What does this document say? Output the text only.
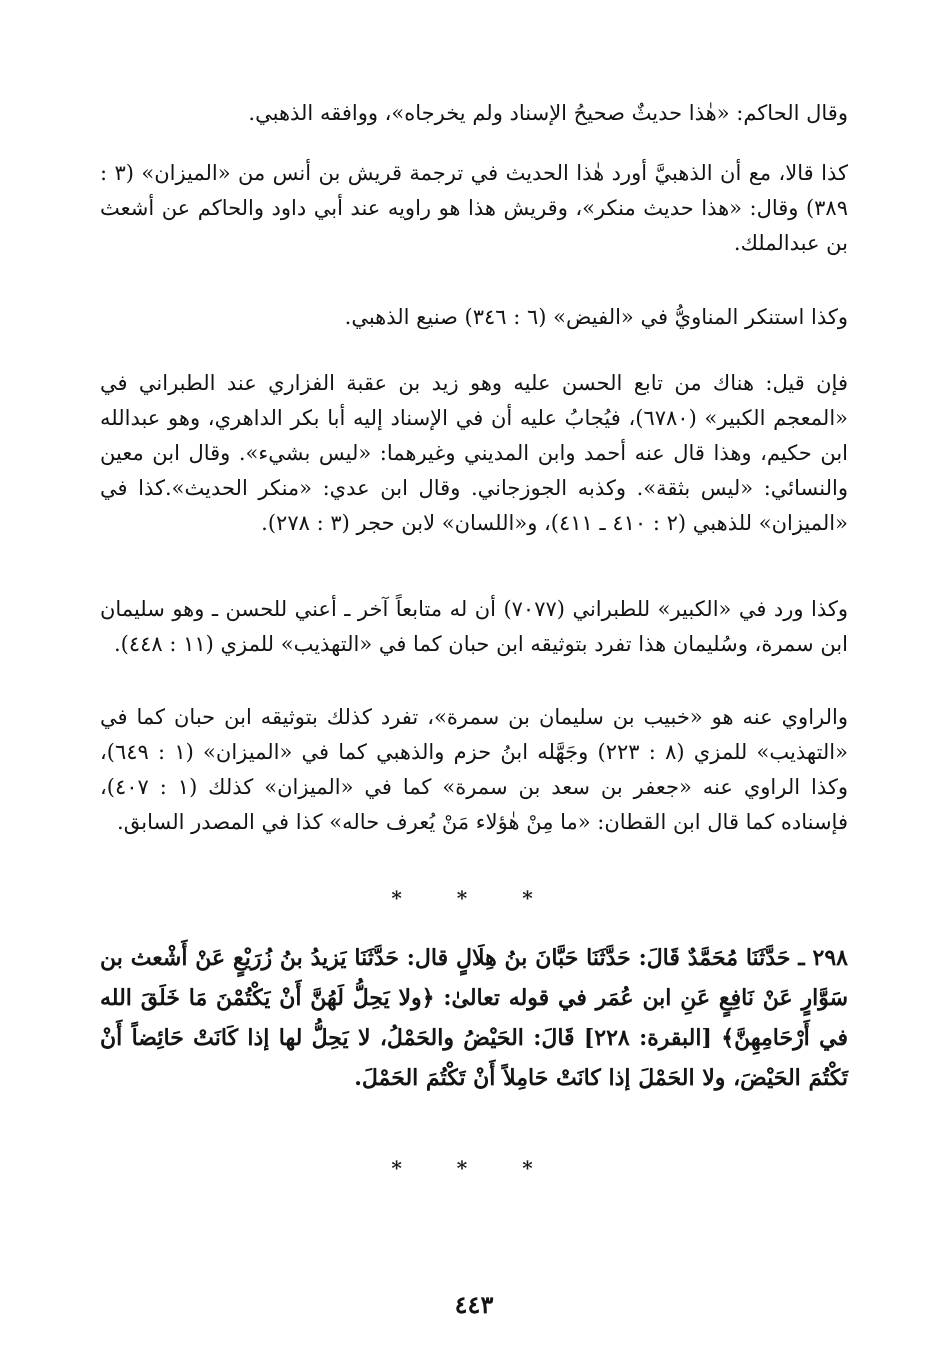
وقال الحاكم: «هٰذا حديثٌ صحيحُ الإسناد ولم يخرجاه»، ووافقه الذهبي.

كذا قالا، مع أن الذهبيَّ أورد هٰذا الحديث في ترجمة قريش بن أنس من «الميزان» (٣ : ٣٨٩) وقال: «هذا حديث منكر»، وقريش هذا هو راويه عند أبي داود والحاكم عن أشعث بن عبدالملك.

وكذا استنكر المناويُّ في «الفيض» (٦ : ٣٤٦) صنيع الذهبي.

فإن قيل: هناك من تابع الحسن عليه وهو زيد بن عقبة الفزاري عند الطبراني في «المعجم الكبير» (٦٧٨٠)، فيُجابُ عليه أن في الإسناد إليه أبا بكر الداهري، وهو عبدالله ابن حكيم، وهذا قال عنه أحمد وابن المديني وغيرهما: «ليس بشيء». وقال ابن معين والنسائي: «ليس بثقة». وكذبه الجوزجاني. وقال ابن عدي: «منكر الحديث».كذا في «الميزان» للذهبي (٢ : ٤١٠ ـ ٤١١)، و«اللسان» لابن حجر (٣ : ٢٧٨).

وكذا ورد في «الكبير» للطبراني (٧٠٧٧) أن له متابعاً آخر ـ أعني للحسن ـ وهو سليمان ابن سمرة، وسُليمان هذا تفرد بتوثيقه ابن حبان كما في «التهذيب» للمزي (١١ : ٤٤٨).

والراوي عنه هو «خبيب بن سليمان بن سمرة»، تفرد كذلك بتوثيقه ابن حبان كما في «التهذيب» للمزي (٨ : ٢٢٣) وجَهَّله ابنُ حزم والذهبي كما في «الميزان» (١ : ٦٤٩)، وكذا الراوي عنه «جعفر بن سعد بن سمرة» كما في «الميزان» كذلك (١ : ٤٠٧)، فإسناده كما قال ابن القطان: «ما مِنْ هٰؤلاء مَنْ يُعرف حاله» كذا في المصدر السابق.

* * *

٢٩٨ ـ حَدَّثَنَا مُحَمَّدٌ قَالَ: حَدَّثَنَا حَبَّانَ بنُ هِلَالٍ قال: حَدَّثَنَا يَزيدُ بنُ زُرَيْعٍ عَنْ أَشْعث بن سَوَّارٍ عَنْ نَافِعٍ عَنِ ابن عُمَر في قوله تعالىٰ: ﴿ولا يَحِلُّ لَهُنَّ أَنْ يَكْتُمْنَ مَا خَلَقَ الله في أَرْحَامِهِنَّ﴾ [البقرة: ٢٢٨] قَالَ: الحَيْضُ والحَمْلُ، لا يَحِلُّ لها إذا كَانَتْ حَائِضاً أَنْ تَكْتُمَ الحَيْضَ، ولا الحَمْلَ إذا كانَتْ حَامِلاً أَنْ تَكْتُمَ الحَمْلَ.

* * *
٤٤٣
